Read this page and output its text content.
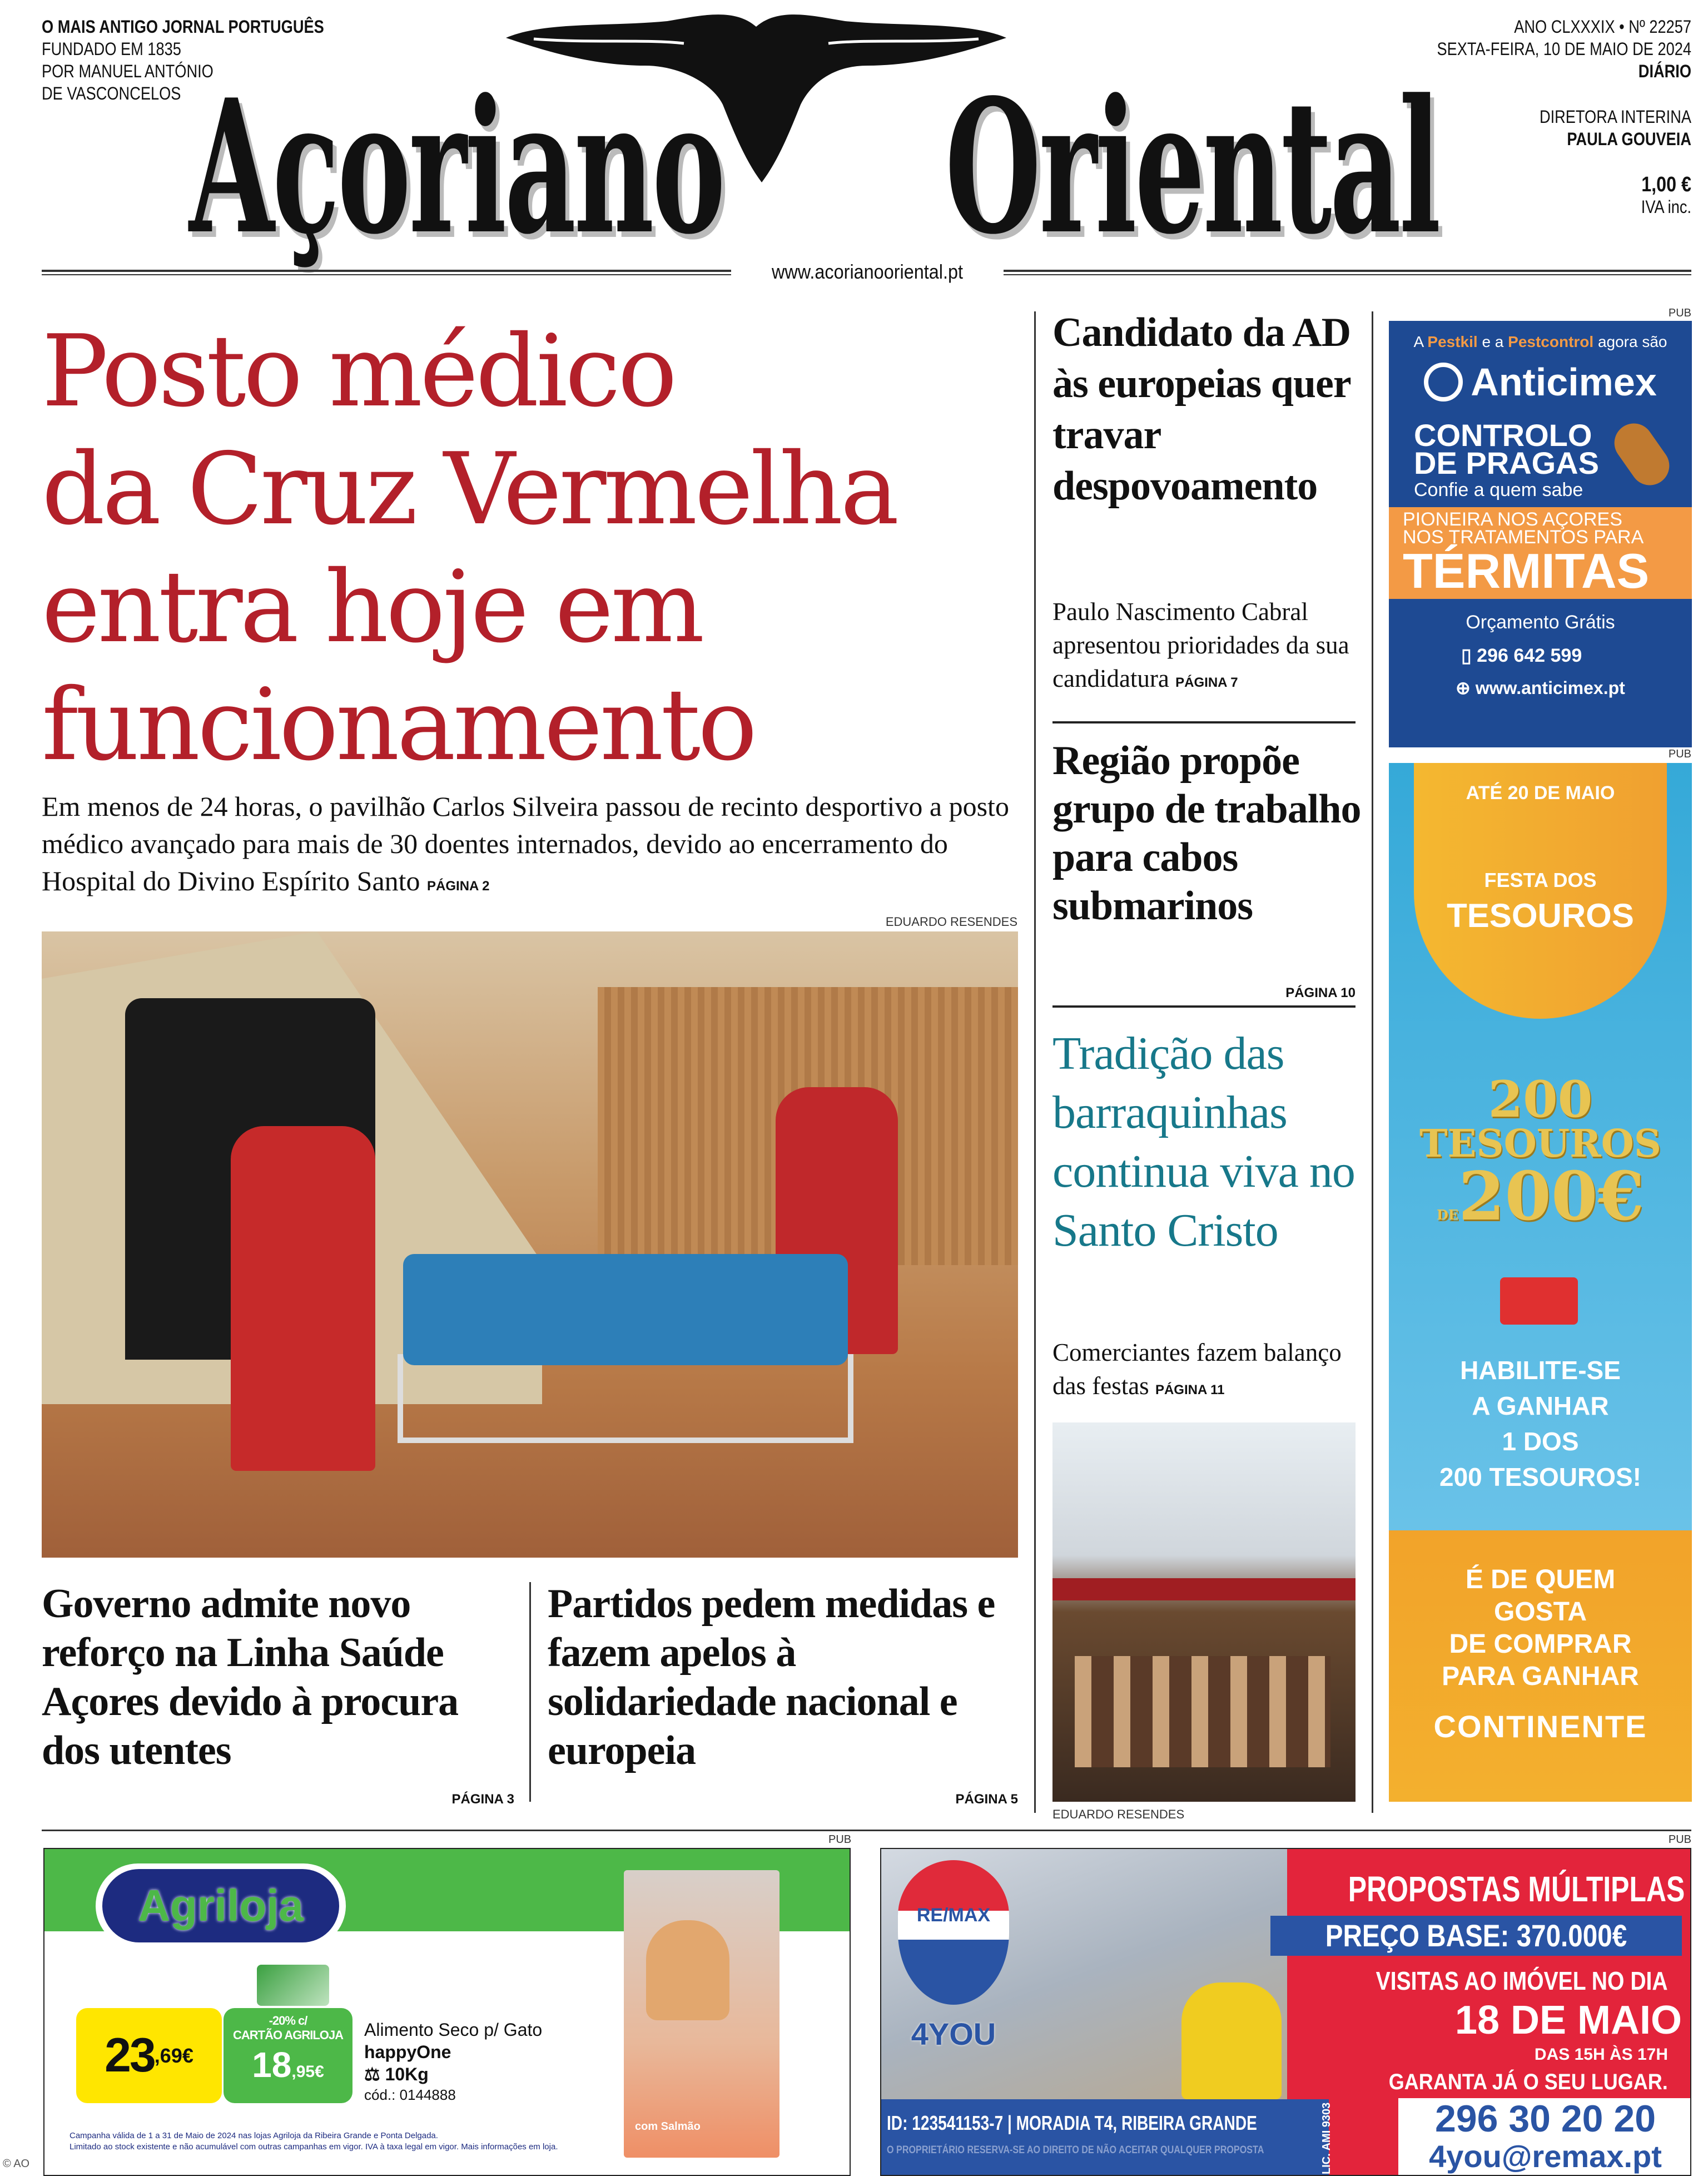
O MAIS ANTIGO JORNAL PORTUGUÊS
FUNDADO EM 1835
POR MANUEL ANTÓNIO
DE VASCONCELOS
ANO CLXXXIX • Nº 22257
SEXTA-FEIRA, 10 DE MAIO DE 2024
DIÁRIO
DIRETORA INTERINA
PAULA GOUVEIA
1,00 €
IVA inc.
Açoriano Oriental
www.acorianooriental.pt
Posto médico
da Cruz Vermelha
entra hoje em
funcionamento
Em menos de 24 horas, o pavilhão Carlos Silveira passou de recinto desportivo a posto médico avançado para mais de 30 doentes internados, devido ao encerramento do Hospital do Divino Espírito Santo PÁGINA 2
EDUARDO RESENDES
Governo admite novo reforço na Linha Saúde Açores devido à procura dos utentes
PÁGINA 3
Partidos pedem medidas e fazem apelos à solidariedade nacional e europeia
PÁGINA 5
Candidato da AD às europeias quer travar despovoamento
Paulo Nascimento Cabral apresentou prioridades da sua candidatura PÁGINA 7
Região propõe grupo de trabalho para cabos submarinos
PÁGINA 10
Tradição das barraquinhas continua viva no Santo Cristo
Comerciantes fazem balanço das festas PÁGINA 11
EDUARDO RESENDES
PUB
A Pestkil e a Pestcontrol agora são
Anticimex
CONTROLO
DE PRAGAS
Confie a quem sabe
PIONEIRA NOS AÇORES
NOS TRATAMENTOS PARA
TÉRMITAS
Orçamento Grátis
▯ 296 642 599
⊕ www.anticimex.pt
PUB
ATÉ 20 DE MAIO
FESTA DOS
TESOUROS
200
TESOUROS
DE200€
HABILITE-SE
A GANHAR
1 DOS
200 TESOUROS!
É DE QUEM
GOSTA
DE COMPRAR
PARA GANHAR
CONTINENTE
PUB
Agriloja
23 ,69€
-20% c/
CARTÃO AGRILOJA
18,95€
Alimento Seco p/ Gato
happyOne
⚖ 10Kg
cód.: 0144888
Campanha válida de 1 a 31 de Maio de 2024 nas lojas Agriloja da Ribeira Grande e Ponta Delgada.
Limitado ao stock existente e não acumulável com outras campanhas em vigor. IVA à taxa legal em vigor. Mais informações em loja.
com Salmão
PUB
RE/MAX
4YOU
ID: 123541153-7 | MORADIA T4, RIBEIRA GRANDE
O PROPRIETÁRIO RESERVA-SE AO DIREITO DE NÃO ACEITAR QUALQUER PROPOSTA	LIC. AMI 9303
PROPOSTAS MÚLTIPLAS
PREÇO BASE: 370.000€
VISITAS AO IMÓVEL NO DIA
18 DE MAIO
DAS 15H ÀS 17H
GARANTA JÁ O SEU LUGAR.
296 30 20 20
4you@remax.pt
© AO
